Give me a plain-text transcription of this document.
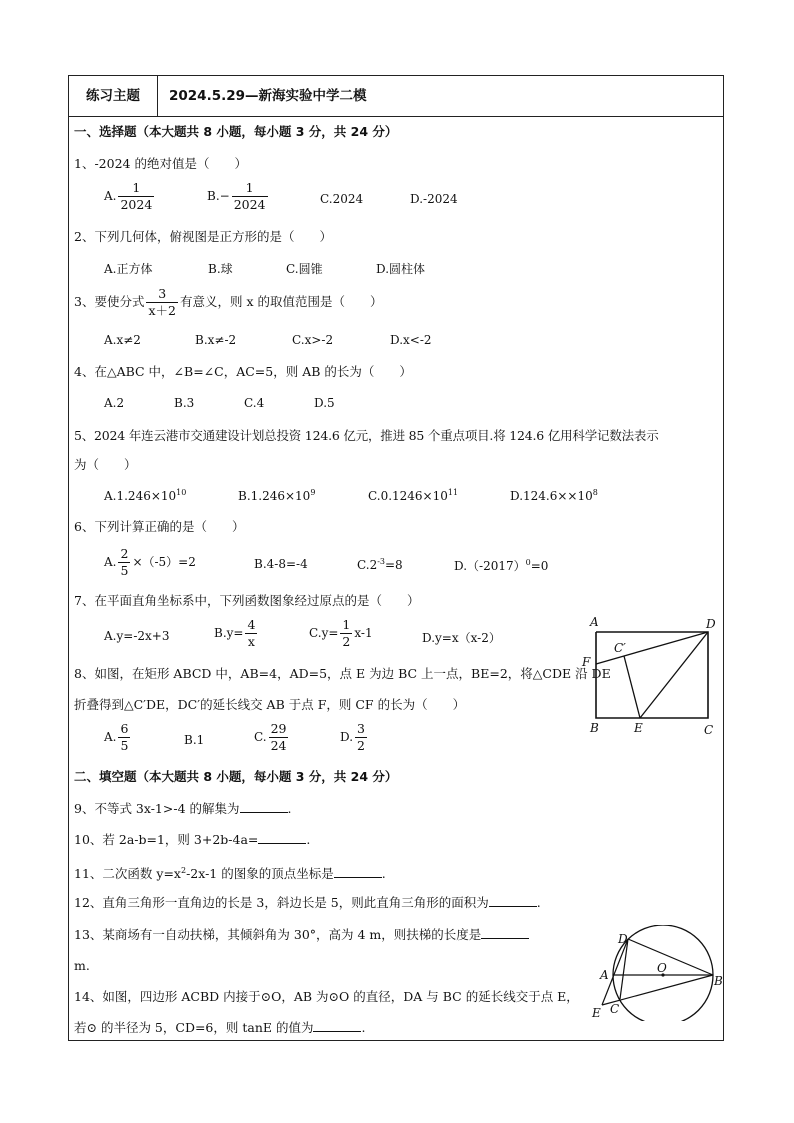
练习主题	2024.5.29—新海实验中学二模
一、选择题（本大题共 8 小题，每小题 3 分，共 24 分）
1、-2024 的绝对值是（　　）
A. $\frac{1}{2024}$	$B.- \frac{1}{2024}$	C.2024	D.-2024
2、下列几何体，俯视图是正方形的是（　　）
A.正方体	B.球	C.圆锥	D.圆柱体
3、要使分式 $\frac{3}{x+2}$ 有意义，则 x 的取值范围是（　　）
A.x≠2	B.x≠-2	C.x>-2	D.x<-2
4、在△ABC 中，∠B=∠C，AC=5，则 AB 的长为（　　）
A.2	B.3	C.4	D.5
5、2024 年连云港市交通建设计划总投资 124.6 亿元，推进 85 个重点项目.将 124.6 亿用科学记数法表示
为（　　）
$A.1.246\times 10^{10}$	$B.1.246\times 10^9$	$C.0.1246\times 10^{11}$	$D.124.6\times\times 10^8$
6、下列计算正确的是（　　）
A. $\frac{2}{5} \times(-5)=2$	B.4-8=-4	$C.2^{-3}=8$	$D.(-2017)^0=0$
7、在平面直角坐标系中，下列函数图象经过原点的是（　　）
A.y=-2x+3	$B.y= \frac{4}{x}$	$C.y= \frac{1}{2} x-1$	D.y=x（x-2）
8、如图，在矩形 ABCD 中，AB=4，AD=5，点 E 为边 BC 上一点，BE=2，将△CDE 沿 DE
折叠得到△C′DE，DC′的延长线交 AB 于点 F，则 CF 的长为（　　）
A. $\frac{6}{5}$	B.1	C. $\frac{29}{24}$	D. $\frac{3}{2}$
A	D
F
C′
B	E	C
二、填空题（本大题共 8 小题，每小题 3 分，共 24 分）
9、不等式 3x-1>-4 的解集为	.
10、若 2a-b=1，则 3+2b-4a=	.
11、二次函数 $y=x^2-2x-1$ 的图象的顶点坐标是	.
12、直角三角形一直角边的长是 3，斜边长是 5，则此直角三角形的面积为	.
13、某商场有一自动扶梯，其倾斜角为 30°，高为 4 m，则扶梯的长度是
m.
14、如图，四边形 ACBD 内接于⊙O，AB 为⊙O 的直径，DA 与 BC 的延长线交于点 E，
若⊙ 的半径为 5，CD=6，则 tanE 的值为	.
D
A	O
B
E C
